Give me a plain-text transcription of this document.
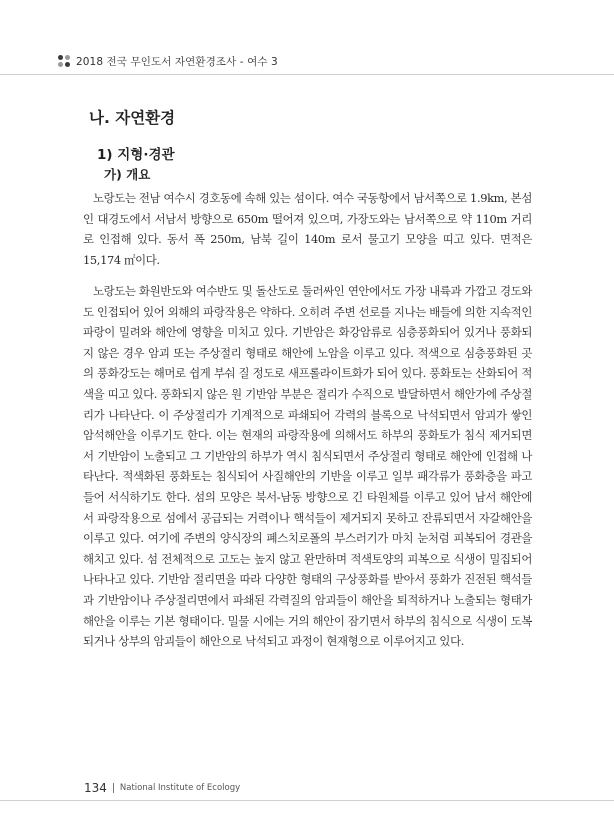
2018 전국 무인도서 자연환경조사 - 여수 3
나. 자연환경
1) 지형·경관
가) 개요

노랑도는 전남 여수시 경호동에 속해 있는 섬이다. 여수 국동항에서 남서쪽으로 1.9km, 본섬인 대경도에서 서남서 방향으로 650m 떨어져 있으며, 가장도와는 남서쪽으로 약 110m 거리로 인접해 있다. 동서 폭 250m, 남북 길이 140m 로서 물고기 모양을 띠고 있다. 면적은 15,174 ㎡이다.

노랑도는 화원반도와 여수반도 및 돌산도로 둘러싸인 연안에서도 가장 내륙과 가깝고 경도와도 인접되어 있어 외해의 파랑작용은 약하다. 오히려 주변 선로를 지나는 배들에 의한 지속적인 파랑이 밀려와 해안에 영향을 미치고 있다. 기반암은 화강암류로 심층풍화되어 있거나 풍화되지 않은 경우 암괴 또는 주상절리 형태로 해안에 노암을 이루고 있다. 적색으로 심층풍화된 곳의 풍화강도는 해머로 쉽게 부숴 질 정도로 새프롤라이트화가 되어 있다. 풍화토는 산화되어 적색을 띠고 있다. 풍화되지 않은 원 기반암 부분은 절리가 수직으로 발달하면서 해안가에 주상절리가 나타난다. 이 주상절리가 기계적으로 파쇄되어 각력의 블록으로 낙석되면서 암괴가 쌓인 암석해안을 이루기도 한다. 이는 현재의 파랑작용에 의해서도 하부의 풍화토가 침식 제거되면서 기반암이 노출되고 그 기반암의 하부가 역시 침식되면서 주상절리 형태로 해안에 인접해 나타난다. 적색화된 풍화토는 침식되어 사질해안의 기반을 이루고 일부 패각류가 풍화층을 파고 들어 서식하기도 한다. 섬의 모양은 북서-남동 방향으로 긴 타원체를 이루고 있어 남서 해안에서 파랑작용으로 섬에서 공급되는 거력이나 핵석들이 제거되지 못하고 잔류되면서 자갈해안을 이루고 있다. 여기에 주변의 양식장의 폐스치로폴의 부스러기가 마치 눈처럼 피복되어 경관을 해치고 있다. 섬 전체적으로 고도는 높지 않고 완만하며 적색토양의 피복으로 식생이 밀집되어 나타나고 있다. 기반암 절리면을 따라 다양한 형태의 구상풍화를 받아서 풍화가 진전된 핵석들과 기반암이나 주상절리면에서 파쇄된 각력질의 암괴들이 해안을 퇴적하거나 노출되는 형태가 해안을 이루는 기본 형태이다. 밀물 시에는 거의 해안이 잠기면서 하부의 침식으로 식생이 도복되거나 상부의 암괴들이 해안으로 낙석되고 과정이 현재형으로 이루어지고 있다.

134 National Institute of Ecology
